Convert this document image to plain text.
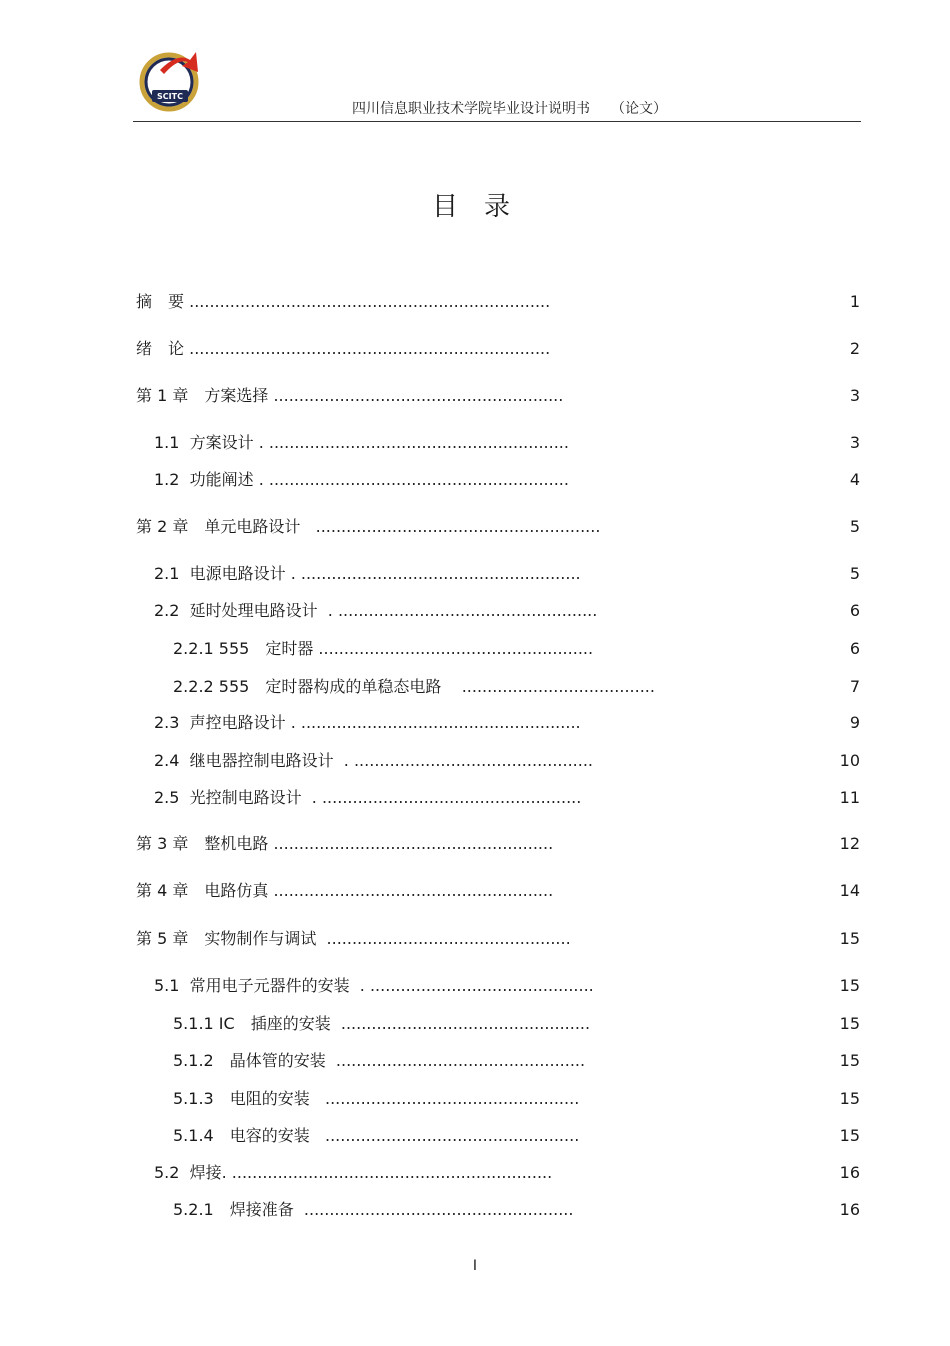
SCITC
四川信息职业技术学院毕业设计说明书　　（论文）
目录
摘　要 .......................................................................	1
绪　论 .......................................................................	2
第 1 章　方案选择 .........................................................	3
1.1  方案设计 . ...........................................................	3
1.2  功能阐述 . ...........................................................	4
第 2 章　单元电路设计   ........................................................	5
2.1  电源电路设计 . .......................................................	5
2.2  延时处理电路设计  . ...................................................	6
2.2.1 555　定时器 ......................................................	6
2.2.2 555　定时器构成的单稳态电路    ......................................	7
2.3  声控电路设计 . .......................................................	9
2.4  继电器控制电路设计  . ...............................................	10
2.5  光控制电路设计  . ...................................................	11
第 3 章　整机电路 .......................................................	12
第 4 章　电路仿真 .......................................................	14
第 5 章　实物制作与调试  ................................................	15
5.1  常用电子元器件的安装  . ............................................	15
5.1.1 IC　插座的安装  .................................................	15
5.1.2　晶体管的安装  .................................................	15
5.1.3　电阻的安装   ..................................................	15
5.1.4　电容的安装   ..................................................	15
5.2  焊接. ...............................................................	16
5.2.1　焊接准备  .....................................................	16
I
